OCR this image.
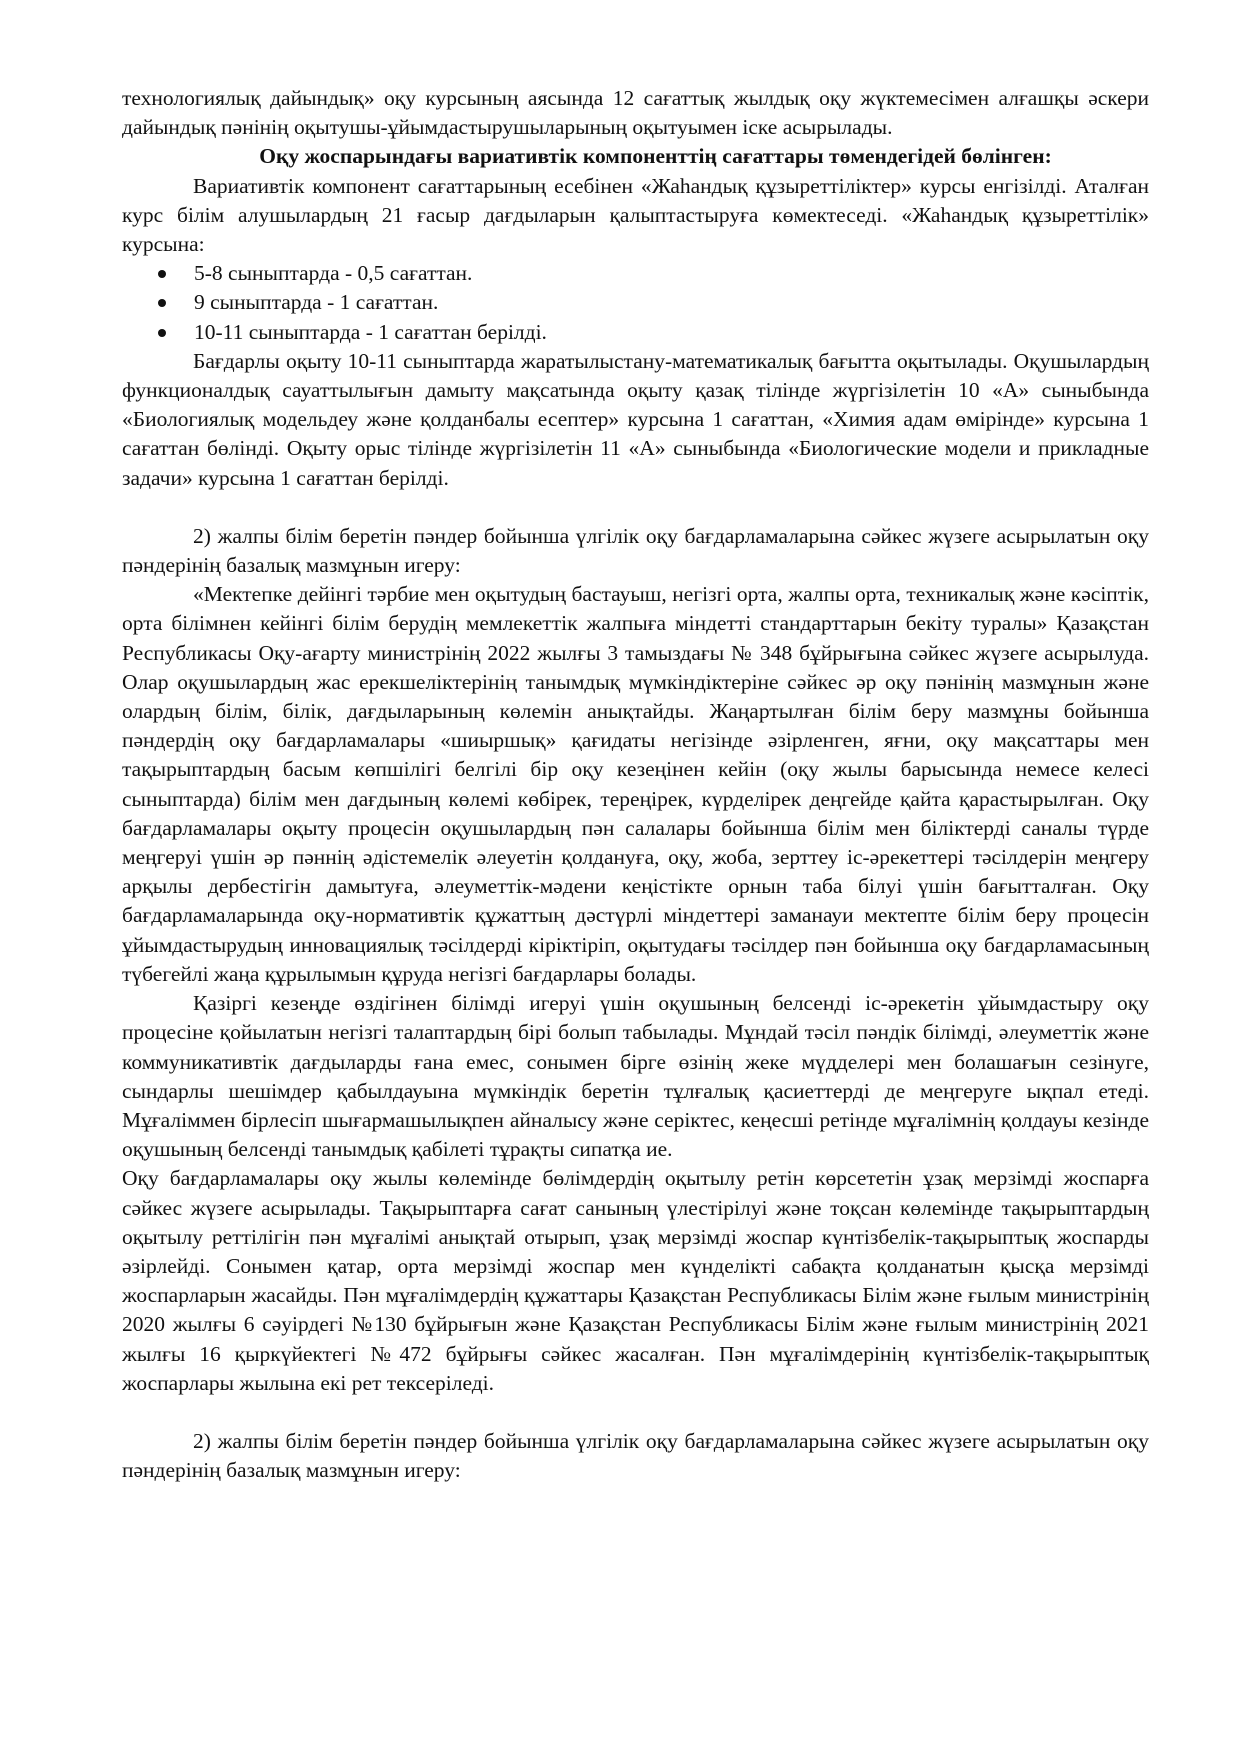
технологиялық дайындық» оқу курсының аясында 12 сағаттық жылдық оқу жүктемесімен алғашқы әскери дайындық пәнінің оқытушы-ұйымдастырушыларының оқытуымен іске асырылады.

Оқу жоспарындағы вариативтік компоненттің сағаттары төмендегідей бөлінген:

Вариативтік компонент сағаттарының есебінен «Жаһандық құзыреттіліктер» курсы енгізілді. Аталған курс білім алушылардың 21 ғасыр дағдыларын қалыптастыруға көмектеседі. «Жаһандық құзыреттілік» курсына:

5-8 сыныптарда - 0,5 сағаттан.
9 сыныптарда - 1 сағаттан.
10-11 сыныптарда - 1 сағаттан берілді.

Бағдарлы оқыту 10-11 сыныптарда жаратылыстану-математикалық бағытта оқытылады. Оқушылардың функционалдық сауаттылығын дамыту мақсатында оқыту қазақ тілінде жүргізілетін 10 «А» сыныбында «Биологиялық модельдеу және қолданбалы есептер» курсына 1 сағаттан, «Химия адам өмірінде» курсына 1 сағаттан бөлінді. Оқыту орыс тілінде жүргізілетін 11 «А» сыныбында «Биологические модели и прикладные задачи» курсына 1 сағаттан берілді.

2) жалпы білім беретін пәндер бойынша үлгілік оқу бағдарламаларына сәйкес жүзеге асырылатын оқу пәндерінің базалық мазмұнын игеру:

«Мектепке дейінгі тәрбие мен оқытудың бастауыш, негізгі орта, жалпы орта, техникалық және кәсіптік, орта білімнен кейінгі білім берудің мемлекеттік жалпыға міндетті стандарттарын бекіту туралы» Қазақстан Республикасы Оқу-ағарту министрінің 2022 жылғы 3 тамыздағы № 348 бұйрығына сәйкес жүзеге асырылуда. Олар оқушылардың жас ерекшеліктерінің танымдық мүмкіндіктеріне сәйкес әр оқу пәнінің мазмұнын және олардың білім, білік, дағдыларының көлемін анықтайды. Жаңартылған білім беру мазмұны бойынша пәндердің оқу бағдарламалары «шиыршық» қағидаты негізінде әзірленген, яғни, оқу мақсаттары мен тақырыптардың басым көпшілігі белгілі бір оқу кезеңінен кейін (оқу жылы барысында немесе келесі сыныптарда) білім мен дағдының көлемі көбірек, тереңірек, күрделірек деңгейде қайта қарастырылған. Оқу бағдарламалары оқыту процесін оқушылардың пән салалары бойынша білім мен біліктерді саналы түрде меңгеруі үшін әр пәннің әдістемелік әлеуетін қолдануға, оқу, жоба, зерттеу іс-әрекеттері тәсілдерін меңгеру арқылы дербестігін дамытуға, әлеуметтік-мәдени кеңістікте орнын таба білуі үшін бағытталған. Оқу бағдарламаларында оқу-нормативтік құжаттың дәстүрлі міндеттері заманауи мектепте білім беру процесін ұйымдастырудың инновациялық тәсілдерді кіріктіріп, оқытудағы тәсілдер пән бойынша оқу бағдарламасының түбегейлі жаңа құрылымын құруда негізгі бағдарлары болады.

Қазіргі кезеңде өздігінен білімді игеруі үшін оқушының белсенді іс-әрекетін ұйымдастыру оқу процесіне қойылатын негізгі талаптардың бірі болып табылады. Мұндай тәсіл пәндік білімді, әлеуметтік және коммуникативтік дағдыларды ғана емес, сонымен бірге өзінің жеке мүдделері мен болашағын сезінуге, сындарлы шешімдер қабылдауына мүмкіндік беретін тұлғалық қасиеттерді де меңгеруге ықпал етеді. Мұғаліммен бірлесіп шығармашылықпен айналысу және серіктес, кеңесші ретінде мұғалімнің қолдауы кезінде оқушының белсенді танымдық қабілеті тұрақты сипатқа ие.

Оқу бағдарламалары оқу жылы көлемінде бөлімдердің оқытылу ретін көрсететін ұзақ мерзімді жоспарға сәйкес жүзеге асырылады. Тақырыптарға сағат санының үлестірілуі және тоқсан көлемінде тақырыптардың оқытылу реттілігін пән мұғалімі анықтай отырып, ұзақ мерзімді жоспар күнтізбелік-тақырыптық жоспарды әзірлейді. Сонымен қатар, орта мерзімді жоспар мен күнделікті сабақта қолданатын қысқа мерзімді жоспарларын жасайды. Пән мұғалімдердің құжаттары Қазақстан Республикасы Білім және ғылым министрінің 2020 жылғы 6 сәуірдегі №130 бұйрығын және Қазақстан Республикасы Білім және ғылым министрінің 2021 жылғы 16 қыркүйектегі №472 бұйрығы сәйкес жасалған. Пән мұғалімдерінің күнтізбелік-тақырыптық жоспарлары жылына екі рет тексеріледі.

2) жалпы білім беретін пәндер бойынша үлгілік оқу бағдарламаларына сәйкес жүзеге асырылатын оқу пәндерінің базалық мазмұнын игеру:
